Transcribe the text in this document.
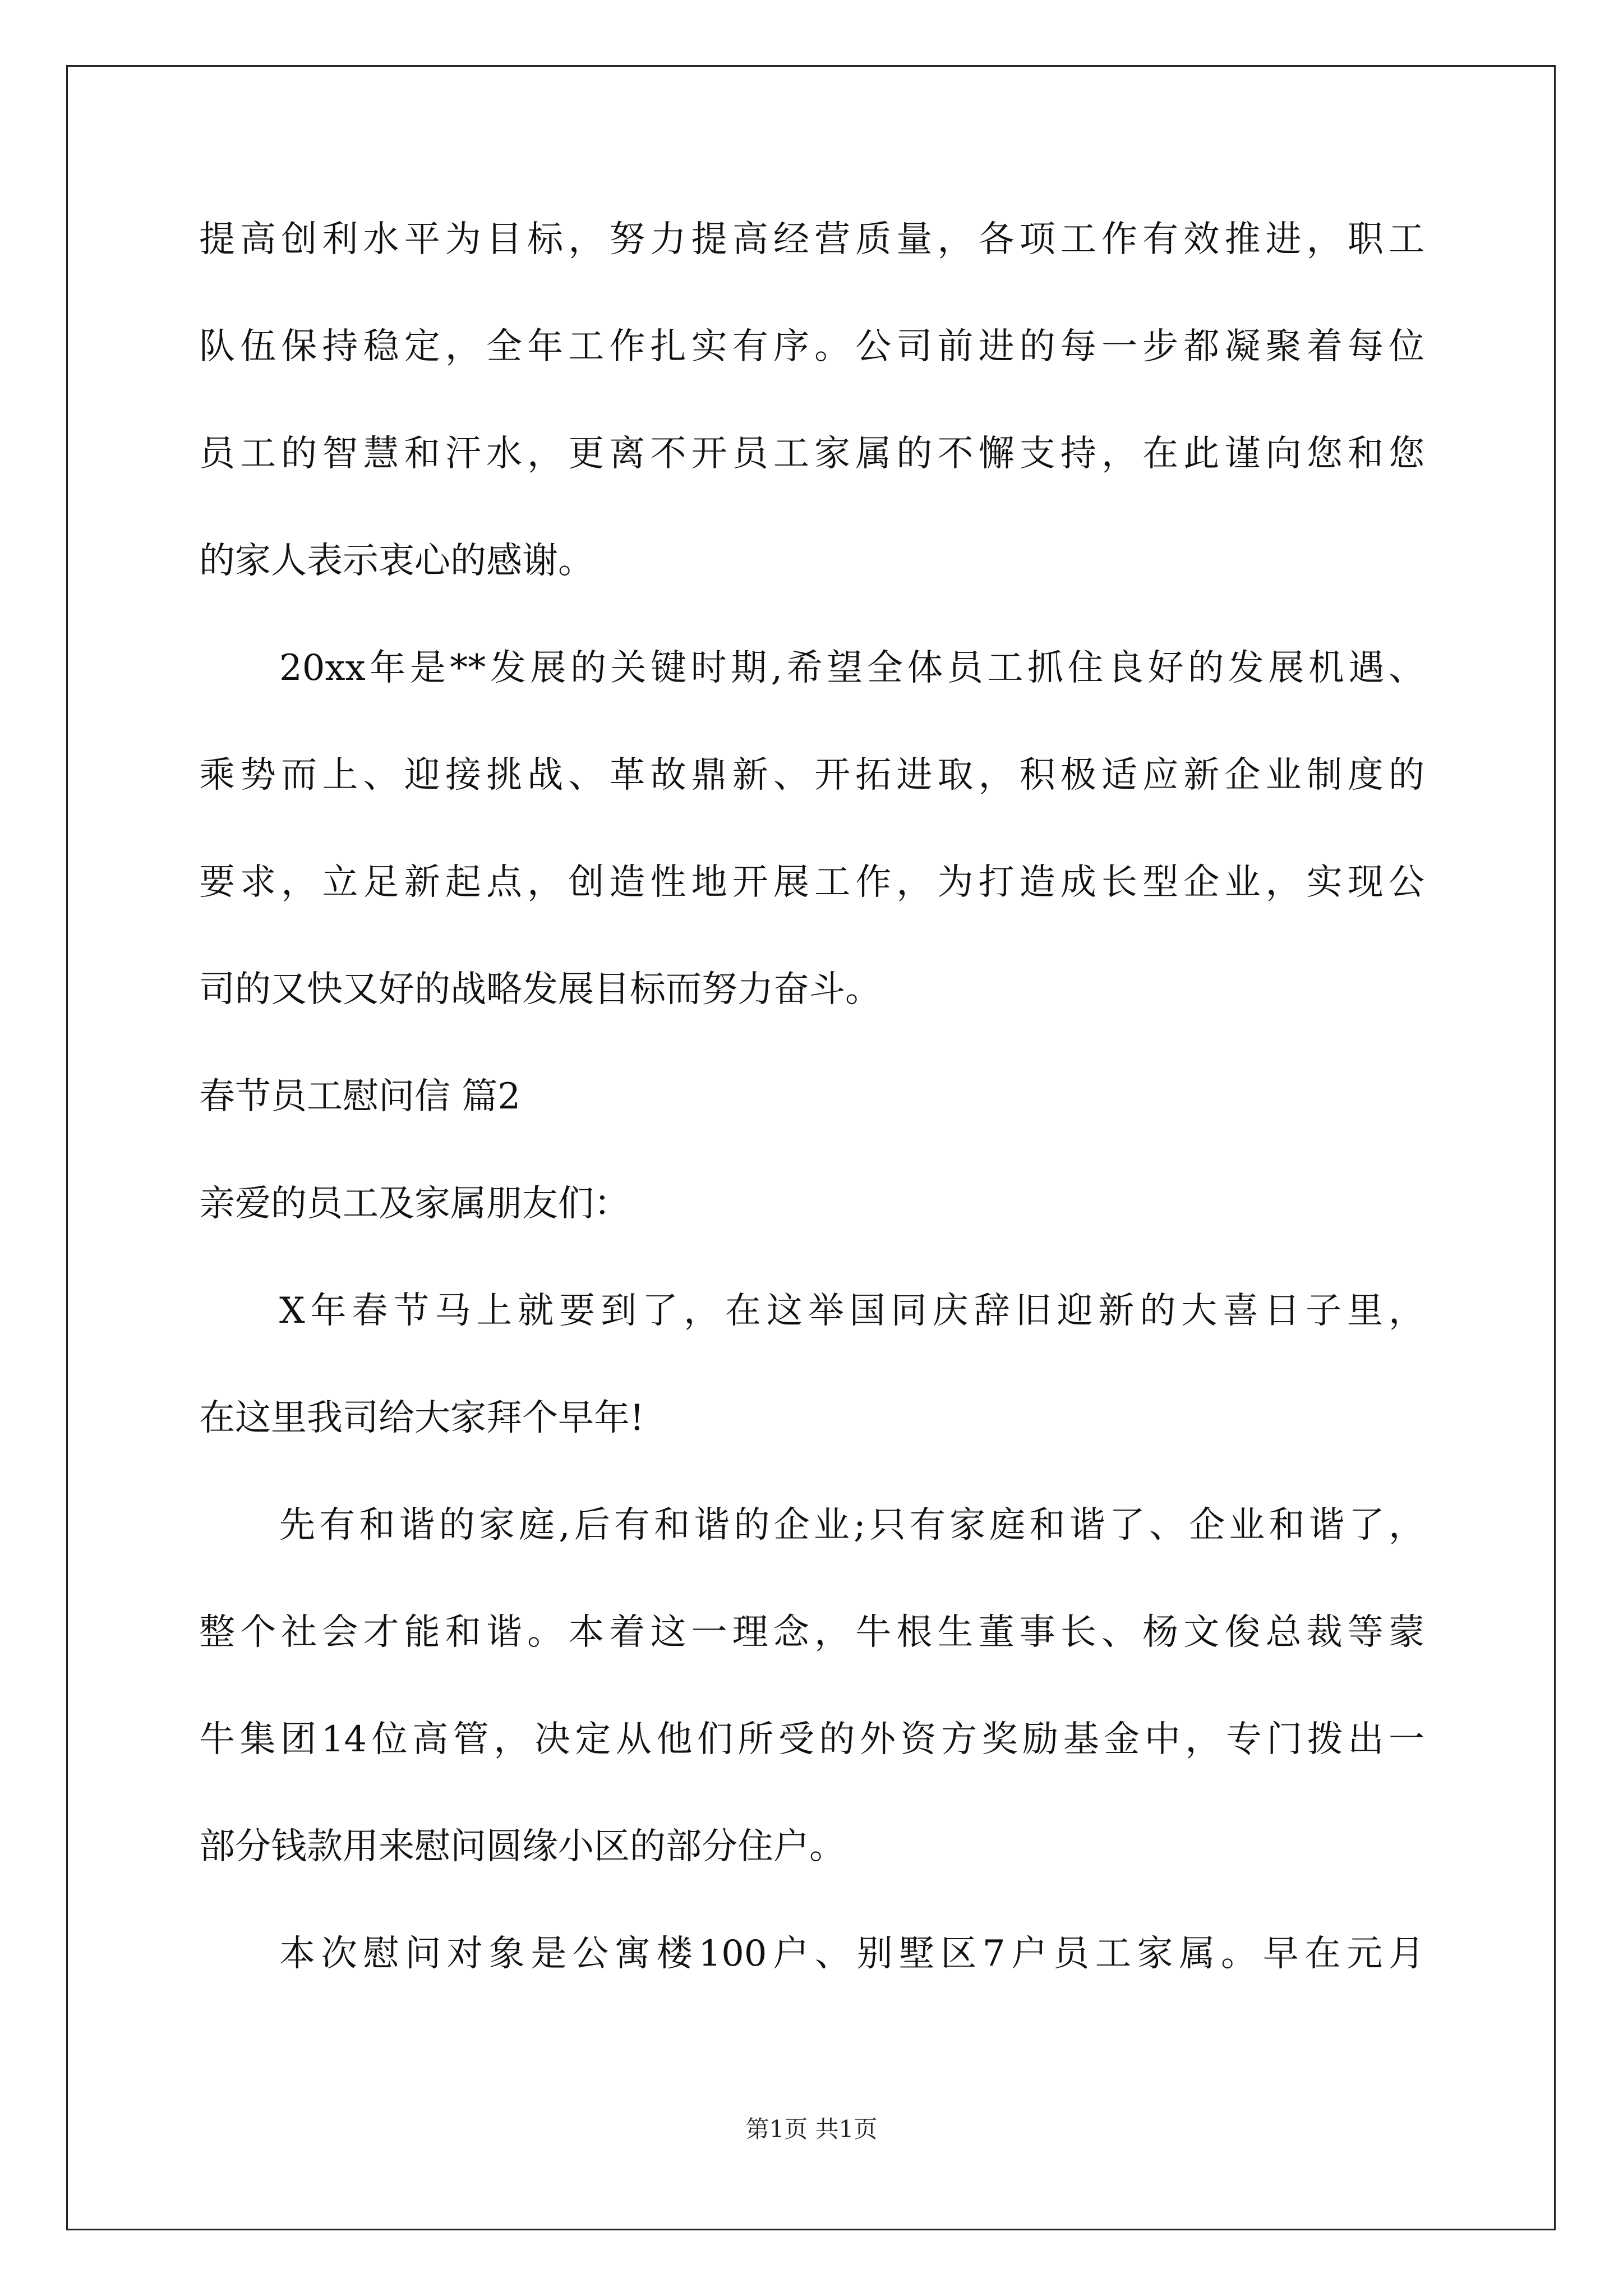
提高创利水平为目标，努力提高经营质量，各项工作有效推进，职工
队伍保持稳定，全年工作扎实有序。公司前进的每一步都凝聚着每位
员工的智慧和汗水，更离不开员工家属的不懈支持，在此谨向您和您
的家人表示衷心的感谢。
20xx年是**发展的关键时期,希望全体员工抓住良好的发展机遇、
乘势而上、迎接挑战、革故鼎新、开拓进取，积极适应新企业制度的
要求，立足新起点，创造性地开展工作，为打造成长型企业，实现公
司的又快又好的战略发展目标而努力奋斗。
春节员工慰问信 篇2
亲爱的员工及家属朋友们：
X年春节马上就要到了，在这举国同庆辞旧迎新的大喜日子里，
在这里我司给大家拜个早年!
先有和谐的家庭,后有和谐的企业;只有家庭和谐了、企业和谐了，
整个社会才能和谐。本着这一理念，牛根生董事长、杨文俊总裁等蒙
牛集团14位高管，决定从他们所受的外资方奖励基金中，专门拨出一
部分钱款用来慰问圆缘小区的部分住户。
本次慰问对象是公寓楼100户、别墅区7户员工家属。早在元月
第1页 共1页
